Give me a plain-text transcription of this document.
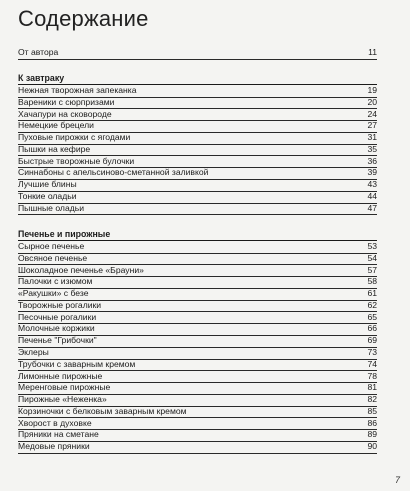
Содержание
От автора	11
К завтраку
Нежная творожная запеканка	19
Вареники с сюрпризами	20
Хачапури на сковороде	24
Немецкие брецели	27
Пуховые пирожки с ягодами	31
Пышки на кефире	35
Быстрые творожные булочки	36
Синнабоны с апельсиново-сметанной заливкой	39
Лучшие блины	43
Тонкие оладьи	44
Пышные оладьи	47
Печенье и пирожные
Сырное печенье	53
Овсяное печенье	54
Шоколадное печенье «Брауни»	57
Палочки с изюмом	58
«Ракушки» с безе	61
Творожные рогалики	62
Песочные рогалики	65
Молочные коржики	66
Печенье "Грибочки"	69
Эклеры	73
Трубочки с заварным кремом	74
Лимонные пирожные	78
Меренговые пирожные	81
Пирожные «Неженка»	82
Корзиночки с белковым заварным кремом	85
Хворост в духовке	86
Пряники на сметане	89
Медовые пряники	90
7
